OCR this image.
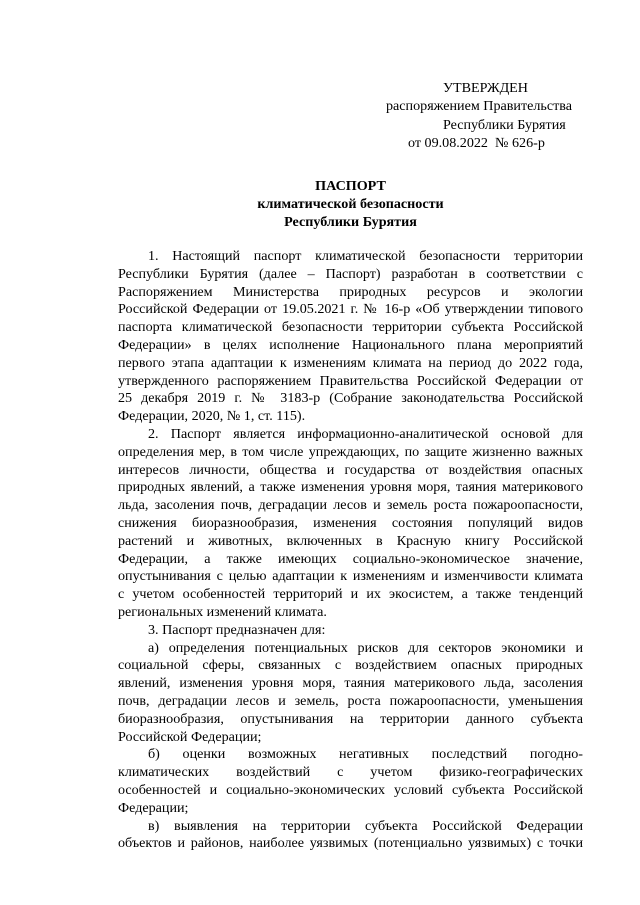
УТВЕРЖДЕН
распоряжением Правительства
Республики Бурятия
от 09.08.2022  № 626-р
ПАСПОРТ
климатической безопасности
Республики Бурятия
1. Настоящий паспорт климатической безопасности территории
Республики Бурятия (далее – Паспорт) разработан в соответствии с
Распоряжением Министерства природных ресурсов и экологии
Российской Федерации от 19.05.2021 г. № 16-р «Об утверждении типового
паспорта климатической безопасности территории субъекта Российской
Федерации» в целях исполнение Национального плана мероприятий
первого этапа адаптации к изменениям климата на период до 2022 года,
утвержденного распоряжением Правительства Российской Федерации от
25 декабря 2019 г. № 3183-р (Собрание законодательства Российской
Федерации, 2020, № 1, ст. 115).
2. Паспорт является информационно-аналитической основой для
определения мер, в том числе упреждающих, по защите жизненно важных
интересов личности, общества и государства от воздействия опасных
природных явлений, а также изменения уровня моря, таяния материкового
льда, засоления почв, деградации лесов и земель роста пожароопасности,
снижения биоразнообразия, изменения состояния популяций видов
растений и животных, включенных в Красную книгу Российской
Федерации, а также имеющих социально-экономическое значение,
опустынивания с целью адаптации к изменениям и изменчивости климата
с учетом особенностей территорий и их экосистем, а также тенденций
региональных изменений климата.
3. Паспорт предназначен для:
а) определения потенциальных рисков для секторов экономики и
социальной сферы, связанных с воздействием опасных природных
явлений, изменения уровня моря, таяния материкового льда, засоления
почв, деградации лесов и земель, роста пожароопасности, уменьшения
биоразнообразия, опустынивания на территории данного субъекта
Российской Федерации;
б) оценки возможных негативных последствий погодно-
климатических воздействий с учетом физико-географических
особенностей и социально-экономических условий субъекта Российской
Федерации;
в) выявления на территории субъекта Российской Федерации
объектов и районов, наиболее уязвимых (потенциально уязвимых) с точки
